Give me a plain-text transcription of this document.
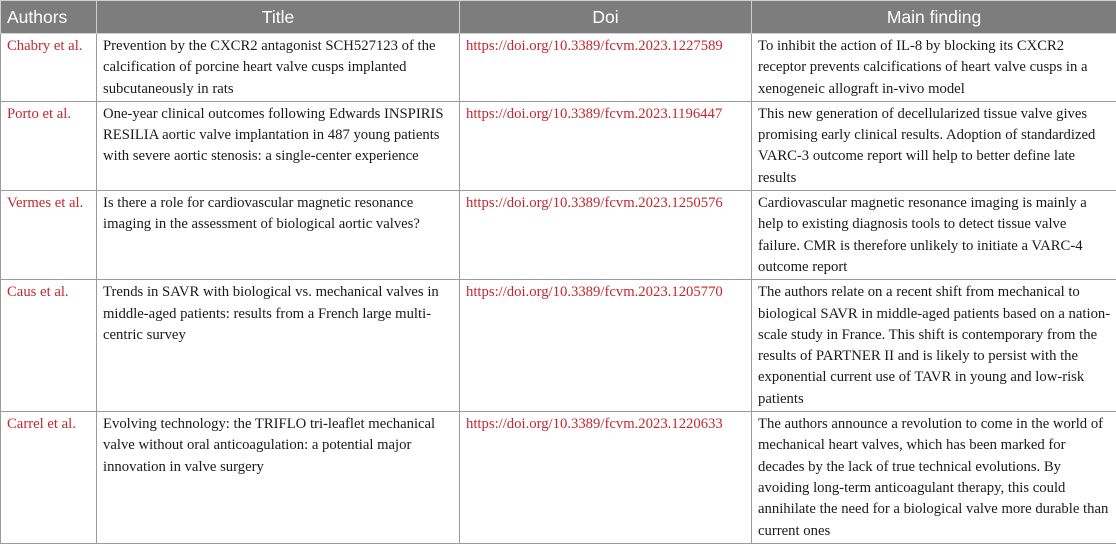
Authors	Title	Doi	Main finding
Chabry et al.	Prevention by the CXCR2 antagonist SCH527123 of the calcification of porcine heart valve cusps implanted subcutaneously in rats	https://doi.org/10.3389/fcvm.2023.1227589	To inhibit the action of IL-8 by blocking its CXCR2 receptor prevents calcifications of heart valve cusps in a xenogeneic allograft in-vivo model
Porto et al.	One-year clinical outcomes following Edwards INSPIRIS RESILIA aortic valve implantation in 487 young patients with severe aortic stenosis: a single-center experience	https://doi.org/10.3389/fcvm.2023.1196447	This new generation of decellularized tissue valve gives promising early clinical results. Adoption of standardized VARC-3 outcome report will help to better define late results
Vermes et al.	Is there a role for cardiovascular magnetic resonance imaging in the assessment of biological aortic valves?	https://doi.org/10.3389/fcvm.2023.1250576	Cardiovascular magnetic resonance imaging is mainly a help to existing diagnosis tools to detect tissue valve failure. CMR is therefore unlikely to initiate a VARC-4 outcome report
Caus et al.	Trends in SAVR with biological vs. mechanical valves in middle-aged patients: results from a French large multi-centric survey	https://doi.org/10.3389/fcvm.2023.1205770	The authors relate on a recent shift from mechanical to biological SAVR in middle-aged patients based on a nation-scale study in France. This shift is contemporary from the results of PARTNER II and is likely to persist with the exponential current use of TAVR in young and low-risk patients
Carrel et al.	Evolving technology: the TRIFLO tri-leaflet mechanical valve without oral anticoagulation: a potential major innovation in valve surgery	https://doi.org/10.3389/fcvm.2023.1220633	The authors announce a revolution to come in the world of mechanical heart valves, which has been marked for decades by the lack of true technical evolutions. By avoiding long-term anticoagulant therapy, this could annihilate the need for a biological valve more durable than current ones
